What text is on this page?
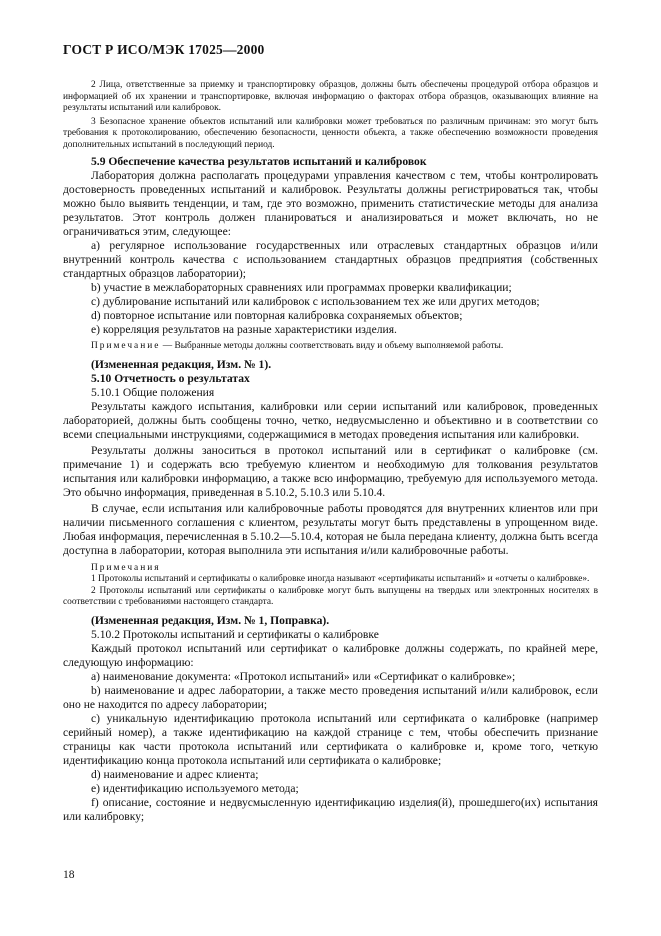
ГОСТ Р ИСО/МЭК 17025—2000

2 Лица, ответственные за приемку и транспортировку образцов, должны быть обеспечены процедурой отбора образцов и информацией об их хранении и транспортировке, включая информацию о факторах отбора образцов, оказывающих влияние на результаты испытаний или калибровок.

3 Безопасное хранение объектов испытаний или калибровки может требоваться по различным причинам: это могут быть требования к протоколированию, обеспечению безопасности, ценности объекта, а также обеспечению возможности проведения дополнительных испытаний в последующий период.

5.9 Обеспечение качества результатов испытаний и калибровок

Лаборатория должна располагать процедурами управления качеством с тем, чтобы контролировать достоверность проведенных испытаний и калибровок. Результаты должны регистрироваться так, чтобы можно было выявить тенденции, и там, где это возможно, применить статистические методы для анализа результатов. Этот контроль должен планироваться и анализироваться и может включать, но не ограничиваться этим, следующее:

а) регулярное использование государственных или отраслевых стандартных образцов и/или внутренний контроль качества с использованием стандартных образцов предприятия (собственных стандартных образцов лаборатории);

b) участие в межлабораторных сравнениях или программах проверки квалификации;

c) дублирование испытаний или калибровок с использованием тех же или других методов;

d) повторное испытание или повторная калибровка сохраняемых объектов;

е) корреляция результатов на разные характеристики изделия.

Примечание — Выбранные методы должны соответствовать виду и объему выполняемой работы.

(Измененная редакция, Изм. № 1).

5.10 Отчетность о результатах

5.10.1 Общие положения

Результаты каждого испытания, калибровки или серии испытаний или калибровок, проведенных лабораторией, должны быть сообщены точно, четко, недвусмысленно и объективно и в соответствии со всеми специальными инструкциями, содержащимися в методах проведения испытания или калибровки.

Результаты должны заноситься в протокол испытаний или в сертификат о калибровке (см. примечание 1) и содержать всю требуемую клиентом и необходимую для толкования результатов испытания или калибровки информацию, а также всю информацию, требуемую для используемого метода. Это обычно информация, приведенная в 5.10.2, 5.10.3 или 5.10.4.

В случае, если испытания или калибровочные работы проводятся для внутренних клиентов или при наличии письменного соглашения с клиентом, результаты могут быть представлены в упрощенном виде. Любая информация, перечисленная в 5.10.2—5.10.4, которая не была передана клиенту, должна быть всегда доступна в лаборатории, которая выполнила эти испытания и/или калибровочные работы.

Примечания

1 Протоколы испытаний и сертификаты о калибровке иногда называют «сертификаты испытаний» и «отчеты о калибровке».

2 Протоколы испытаний или сертификаты о калибровке могут быть выпущены на твердых или электронных носителях в соответствии с требованиями настоящего стандарта.

(Измененная редакция, Изм. № 1, Поправка).

5.10.2 Протоколы испытаний и сертификаты о калибровке

Каждый протокол испытаний или сертификат о калибровке должны содержать, по крайней мере, следующую информацию:

а) наименование документа: «Протокол испытаний» или «Сертификат о калибровке»;

b) наименование и адрес лаборатории, а также место проведения испытаний и/или калибровок, если оно не находится по адресу лаборатории;

c) уникальную идентификацию протокола испытаний или сертификата о калибровке (например серийный номер), а также идентификацию на каждой странице с тем, чтобы обеспечить признание страницы как части протокола испытаний или сертификата о калибровке и, кроме того, четкую идентификацию конца протокола испытаний или сертификата о калибровке;

d) наименование и адрес клиента;

е) идентификацию используемого метода;

f) описание, состояние и недвусмысленную идентификацию изделия(й), прошедшего(их) испытания или калибровку;

18
